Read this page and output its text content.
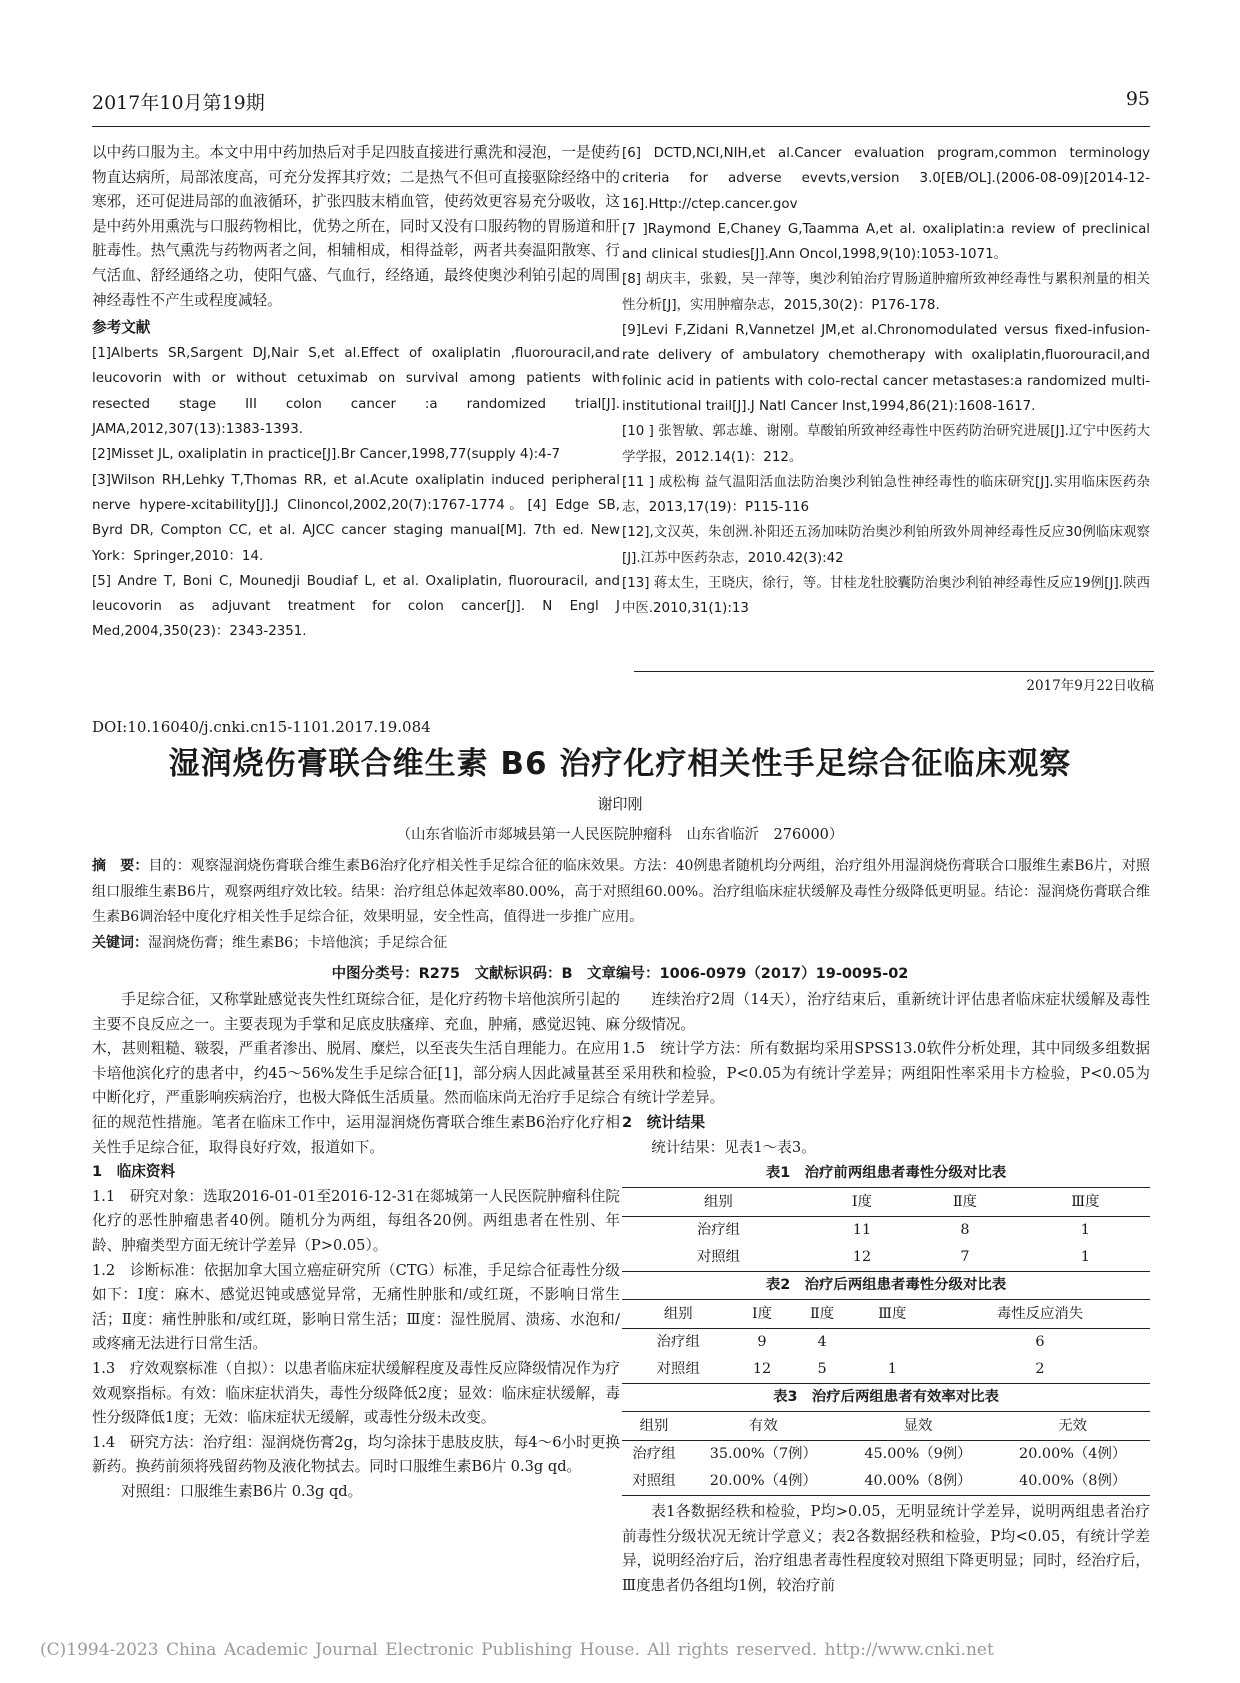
2017年10月第19期	95

以中药口服为主。本文中用中药加热后对手足四肢直接进行熏洗和浸泡，一是使药物直达病所，局部浓度高，可充分发挥其疗效；二是热气不但可直接驱除经络中的寒邪，还可促进局部的血液循环，扩张四肢末梢血管，使药效更容易充分吸收，这是中药外用熏洗与口服药物相比，优势之所在，同时又没有口服药物的胃肠道和肝脏毒性。热气熏洗与药物两者之间，相辅相成，相得益彰，两者共奏温阳散寒、行气活血、舒经通络之功，使阳气盛、气血行，经络通，最终使奥沙利铂引起的周围神经毒性不产生或程度减轻。

参考文献

[1]Alberts SR,Sargent DJ,Nair S,et al.Effect of oxaliplatin ,fluorouracil,and leucovorin with or without cetuximab on survival among patients with resected stage III colon cancer :a randomized trial[J]. JAMA,2012,307(13):1383-1393.

[2]Misset JL, oxaliplatin in practice[J].Br Cancer,1998,77(supply 4):4-7

[3]Wilson RH,Lehky T,Thomas RR, et al.Acute oxaliplatin induced peripheral nerve hypere-xcitability[J].J Clinoncol,2002,20(7):1767-1774。[4] Edge SB, Byrd DR, Compton CC, et al. AJCC cancer staging manual[M]. 7th ed. New York：Springer,2010：14.

[5] Andre T, Boni C, Mounedji Boudiaf L, et al. Oxaliplatin, fluorouracil, and leucovorin as adjuvant treatment for colon cancer[J]. N Engl J Med,2004,350(23)：2343-2351.

[6] DCTD,NCI,NIH,et al.Cancer evaluation program,common terminology criteria for adverse evevts,version 3.0[EB/OL].(2006-08-09)[2014-12-16].Http://ctep.cancer.gov

[7 ]Raymond E,Chaney G,Taamma A,et al. oxaliplatin:a review of preclinical and clinical studies[J].Ann Oncol,1998,9(10):1053-1071。

[8] 胡庆丰，张毅，吴一萍等，奥沙利铂治疗胃肠道肿瘤所致神经毒性与累积剂量的相关性分析[J]，实用肿瘤杂志，2015,30(2)：P176-178.

[9]Levi F,Zidani R,Vannetzel JM,et al.Chronomodulated versus fixed-infusion-rate delivery of ambulatory chemotherapy with oxaliplatin,fluorouracil,and folinic acid in patients with colo-rectal cancer metastases:a randomized multi-institutional trail[J].J Natl Cancer Inst,1994,86(21):1608-1617.

[10 ] 张智敏、郭志雄、谢刚。草酸铂所致神经毒性中医药防治研究进展[J].辽宁中医药大学学报，2012.14(1)：212。

[11 ] 成松梅 益气温阳活血法防治奥沙利铂急性神经毒性的临床研究[J].实用临床医药杂志，2013,17(19)：P115-116

[12],文汉英，朱创洲.补阳还五汤加味防治奥沙利铂所致外周神经毒性反应30例临床观察[J].江苏中医药杂志，2010.42(3):42

[13] 蒋太生，王晓庆，徐行，等。甘桂龙牡胶囊防治奥沙利铂神经毒性反应19例[J].陕西中医.2010,31(1):13

2017年9月22日收稿
DOI:10.16040/j.cnki.cn15-1101.2017.19.084
湿润烧伤膏联合维生素 B6 治疗化疗相关性手足综合征临床观察
谢印刚
（山东省临沂市郯城县第一人民医院肿瘤科　山东省临沂　276000）
摘　要：目的：观察湿润烧伤膏联合维生素B6治疗化疗相关性手足综合征的临床效果。方法：40例患者随机均分两组，治疗组外用湿润烧伤膏联合口服维生素B6片，对照组口服维生素B6片，观察两组疗效比较。结果：治疗组总体起效率80.00%，高于对照组60.00%。治疗组临床症状缓解及毒性分级降低更明显。结论：湿润烧伤膏联合维生素B6调治轻中度化疗相关性手足综合征，效果明显，安全性高，值得进一步推广应用。
关键词：湿润烧伤膏；维生素B6；卡培他滨；手足综合征
中图分类号：R275　文献标识码：B　文章编号：1006-0979（2017）19-0095-02

手足综合征，又称掌趾感觉丧失性红斑综合征，是化疗药物卡培他滨所引起的主要不良反应之一。主要表现为手掌和足底皮肤瘙痒、充血，肿痛，感觉迟钝、麻木，甚则粗糙、皲裂，严重者渗出、脱屑、糜烂，以至丧失生活自理能力。在应用卡培他滨化疗的患者中，约45～56%发生手足综合征[1]，部分病人因此减量甚至中断化疗，严重影响疾病治疗，也极大降低生活质量。然而临床尚无治疗手足综合征的规范性措施。笔者在临床工作中，运用湿润烧伤膏联合维生素B6治疗化疗相关性手足综合征，取得良好疗效，报道如下。

1　临床资料

1.1　研究对象：选取2016-01-01至2016-12-31在郯城第一人民医院肿瘤科住院化疗的恶性肿瘤患者40例。随机分为两组，每组各20例。两组患者在性别、年龄、肿瘤类型方面无统计学差异（P>0.05）。

1.2　诊断标准：依据加拿大国立癌症研究所（CTG）标准，手足综合征毒性分级如下：Ⅰ度：麻木、感觉迟钝或感觉异常，无痛性肿胀和/或红斑，不影响日常生活；Ⅱ度：痛性肿胀和/或红斑，影响日常生活；Ⅲ度：湿性脱屑、溃疡、水泡和/或疼痛无法进行日常生活。

1.3　疗效观察标准（自拟）：以患者临床症状缓解程度及毒性反应降级情况作为疗效观察指标。有效：临床症状消失，毒性分级降低2度；显效：临床症状缓解，毒性分级降低1度；无效：临床症状无缓解，或毒性分级未改变。

1.4　研究方法：治疗组：湿润烧伤膏2g，均匀涂抹于患肢皮肤，每4～6小时更换新药。换药前须将残留药物及液化物拭去。同时口服维生素B6片 0.3g qd。

对照组：口服维生素B6片 0.3g qd。

连续治疗2周（14天），治疗结束后，重新统计评估患者临床症状缓解及毒性分级情况。

1.5　统计学方法：所有数据均采用SPSS13.0软件分析处理，其中同级多组数据采用秩和检验，P<0.05为有统计学差异；两组阳性率采用卡方检验，P<0.05为有统计学差异。

2　统计结果

统计结果：见表1～表3。

表1　治疗前两组患者毒性分级对比表
组别	Ⅰ度	Ⅱ度	Ⅲ度
治疗组	11	8	1
对照组	12	7	1
表2　治疗后两组患者毒性分级对比表
组别	Ⅰ度	Ⅱ度	Ⅲ度	毒性反应消失
治疗组	9	4		6
对照组	12	5	1	2
表3　治疗后两组患者有效率对比表
组别	有效	显效	无效
治疗组	35.00%（7例）	45.00%（9例）	20.00%（4例）
对照组	20.00%（4例）	40.00%（8例）	40.00%（8例）

表1各数据经秩和检验，P均>0.05，无明显统计学差异，说明两组患者治疗前毒性分级状况无统计学意义；表2各数据经秩和检验，P均<0.05，有统计学差异，说明经治疗后，治疗组患者毒性程度较对照组下降更明显；同时，经治疗后，Ⅲ度患者仍各组均1例，较治疗前

(C)1994-2023 China Academic Journal Electronic Publishing House. All rights reserved. http://www.cnki.net
